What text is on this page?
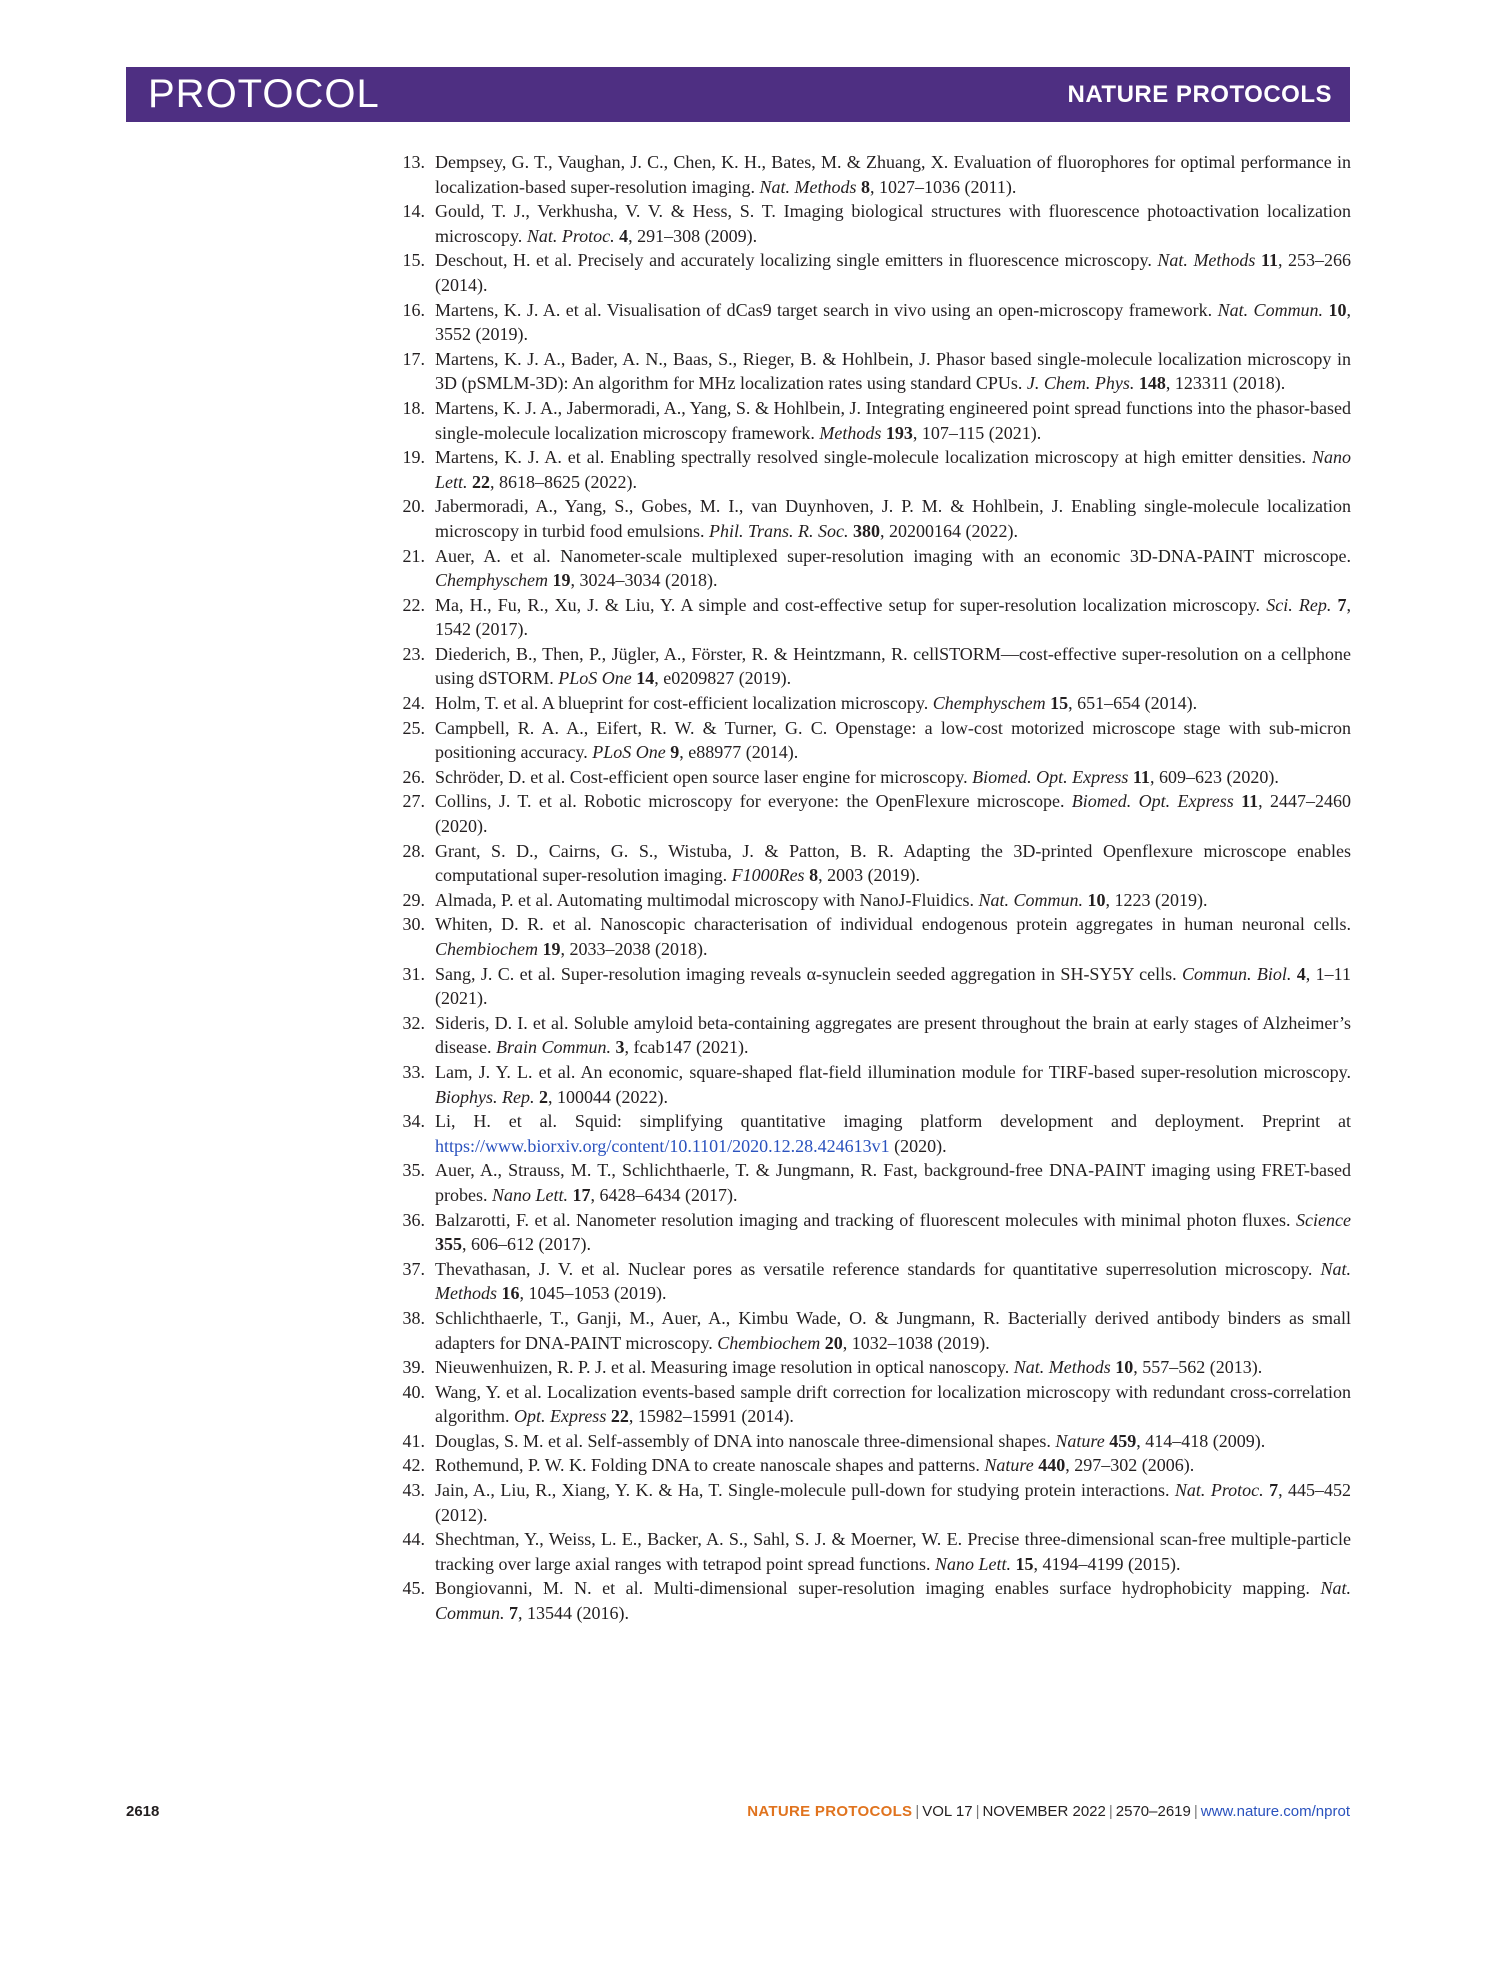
PROTOCOL	NATURE PROTOCOLS
13. Dempsey, G. T., Vaughan, J. C., Chen, K. H., Bates, M. & Zhuang, X. Evaluation of fluorophores for optimal performance in localization-based super-resolution imaging. Nat. Methods 8, 1027–1036 (2011).
14. Gould, T. J., Verkhusha, V. V. & Hess, S. T. Imaging biological structures with fluorescence photoactivation localization microscopy. Nat. Protoc. 4, 291–308 (2009).
15. Deschout, H. et al. Precisely and accurately localizing single emitters in fluorescence microscopy. Nat. Methods 11, 253–266 (2014).
16. Martens, K. J. A. et al. Visualisation of dCas9 target search in vivo using an open-microscopy framework. Nat. Commun. 10, 3552 (2019).
17. Martens, K. J. A., Bader, A. N., Baas, S., Rieger, B. & Hohlbein, J. Phasor based single-molecule localization microscopy in 3D (pSMLM-3D): An algorithm for MHz localization rates using standard CPUs. J. Chem. Phys. 148, 123311 (2018).
18. Martens, K. J. A., Jabermoradi, A., Yang, S. & Hohlbein, J. Integrating engineered point spread functions into the phasor-based single-molecule localization microscopy framework. Methods 193, 107–115 (2021).
19. Martens, K. J. A. et al. Enabling spectrally resolved single-molecule localization microscopy at high emitter densities. Nano Lett. 22, 8618–8625 (2022).
20. Jabermoradi, A., Yang, S., Gobes, M. I., van Duynhoven, J. P. M. & Hohlbein, J. Enabling single-molecule localization microscopy in turbid food emulsions. Phil. Trans. R. Soc. 380, 20200164 (2022).
21. Auer, A. et al. Nanometer-scale multiplexed super-resolution imaging with an economic 3D-DNA-PAINT microscope. Chemphyschem 19, 3024–3034 (2018).
22. Ma, H., Fu, R., Xu, J. & Liu, Y. A simple and cost-effective setup for super-resolution localization microscopy. Sci. Rep. 7, 1542 (2017).
23. Diederich, B., Then, P., Jügler, A., Förster, R. & Heintzmann, R. cellSTORM—cost-effective super-resolution on a cellphone using dSTORM. PLoS One 14, e0209827 (2019).
24. Holm, T. et al. A blueprint for cost-efficient localization microscopy. Chemphyschem 15, 651–654 (2014).
25. Campbell, R. A. A., Eifert, R. W. & Turner, G. C. Openstage: a low-cost motorized microscope stage with sub-micron positioning accuracy. PLoS One 9, e88977 (2014).
26. Schröder, D. et al. Cost-efficient open source laser engine for microscopy. Biomed. Opt. Express 11, 609–623 (2020).
27. Collins, J. T. et al. Robotic microscopy for everyone: the OpenFlexure microscope. Biomed. Opt. Express 11, 2447–2460 (2020).
28. Grant, S. D., Cairns, G. S., Wistuba, J. & Patton, B. R. Adapting the 3D-printed Openflexure microscope enables computational super-resolution imaging. F1000Res 8, 2003 (2019).
29. Almada, P. et al. Automating multimodal microscopy with NanoJ-Fluidics. Nat. Commun. 10, 1223 (2019).
30. Whiten, D. R. et al. Nanoscopic characterisation of individual endogenous protein aggregates in human neuronal cells. Chembiochem 19, 2033–2038 (2018).
31. Sang, J. C. et al. Super-resolution imaging reveals α-synuclein seeded aggregation in SH-SY5Y cells. Commun. Biol. 4, 1–11 (2021).
32. Sideris, D. I. et al. Soluble amyloid beta-containing aggregates are present throughout the brain at early stages of Alzheimer’s disease. Brain Commun. 3, fcab147 (2021).
33. Lam, J. Y. L. et al. An economic, square-shaped flat-field illumination module for TIRF-based super-resolution microscopy. Biophys. Rep. 2, 100044 (2022).
34. Li, H. et al. Squid: simplifying quantitative imaging platform development and deployment. Preprint at https://www.biorxiv.org/content/10.1101/2020.12.28.424613v1 (2020).
35. Auer, A., Strauss, M. T., Schlichthaerle, T. & Jungmann, R. Fast, background-free DNA-PAINT imaging using FRET-based probes. Nano Lett. 17, 6428–6434 (2017).
36. Balzarotti, F. et al. Nanometer resolution imaging and tracking of fluorescent molecules with minimal photon fluxes. Science 355, 606–612 (2017).
37. Thevathasan, J. V. et al. Nuclear pores as versatile reference standards for quantitative superresolution microscopy. Nat. Methods 16, 1045–1053 (2019).
38. Schlichthaerle, T., Ganji, M., Auer, A., Kimbu Wade, O. & Jungmann, R. Bacterially derived antibody binders as small adapters for DNA-PAINT microscopy. Chembiochem 20, 1032–1038 (2019).
39. Nieuwenhuizen, R. P. J. et al. Measuring image resolution in optical nanoscopy. Nat. Methods 10, 557–562 (2013).
40. Wang, Y. et al. Localization events-based sample drift correction for localization microscopy with redundant cross-correlation algorithm. Opt. Express 22, 15982–15991 (2014).
41. Douglas, S. M. et al. Self-assembly of DNA into nanoscale three-dimensional shapes. Nature 459, 414–418 (2009).
42. Rothemund, P. W. K. Folding DNA to create nanoscale shapes and patterns. Nature 440, 297–302 (2006).
43. Jain, A., Liu, R., Xiang, Y. K. & Ha, T. Single-molecule pull-down for studying protein interactions. Nat. Protoc. 7, 445–452 (2012).
44. Shechtman, Y., Weiss, L. E., Backer, A. S., Sahl, S. J. & Moerner, W. E. Precise three-dimensional scan-free multiple-particle tracking over large axial ranges with tetrapod point spread functions. Nano Lett. 15, 4194–4199 (2015).
45. Bongiovanni, M. N. et al. Multi-dimensional super-resolution imaging enables surface hydrophobicity mapping. Nat. Commun. 7, 13544 (2016).
2618	NATURE PROTOCOLS | VOL 17 | NOVEMBER 2022 | 2570–2619 | www.nature.com/nprot
